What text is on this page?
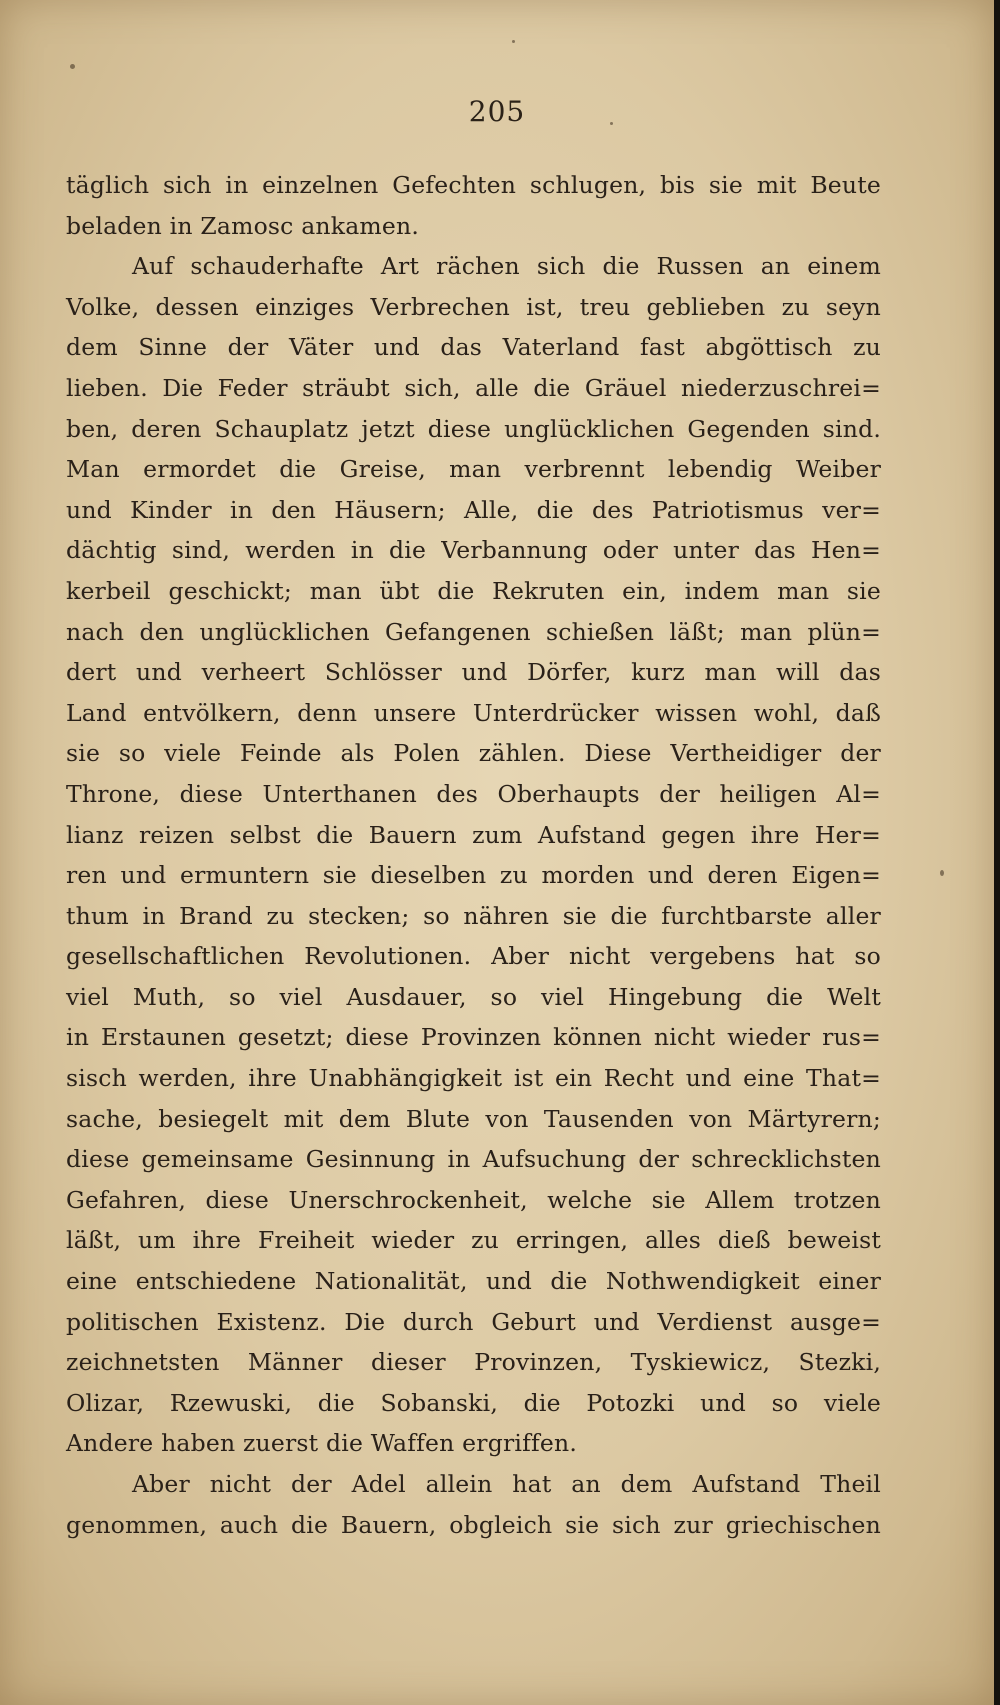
205
täglich sich in einzelnen Gefechten schlugen, bis sie mit Beute
beladen in Zamosc ankamen.
Auf schauderhafte Art rächen sich die Russen an einem
Volke, dessen einziges Verbrechen ist, treu geblieben zu seyn
dem Sinne der Väter und das Vaterland fast abgöttisch zu
lieben. Die Feder sträubt sich, alle die Gräuel niederzuschrei=
ben, deren Schauplatz jetzt diese unglücklichen Gegenden sind.
Man ermordet die Greise, man verbrennt lebendig Weiber
und Kinder in den Häusern; Alle, die des Patriotismus ver=
dächtig sind, werden in die Verbannung oder unter das Hen=
kerbeil geschickt; man übt die Rekruten ein, indem man sie
nach den unglücklichen Gefangenen schießen läßt; man plün=
dert und verheert Schlösser und Dörfer, kurz man will das
Land entvölkern, denn unsere Unterdrücker wissen wohl, daß
sie so viele Feinde als Polen zählen. Diese Vertheidiger der
Throne, diese Unterthanen des Oberhaupts der heiligen Al=
lianz reizen selbst die Bauern zum Aufstand gegen ihre Her=
ren und ermuntern sie dieselben zu morden und deren Eigen=
thum in Brand zu stecken; so nähren sie die furchtbarste aller
gesellschaftlichen Revolutionen. Aber nicht vergebens hat so
viel Muth, so viel Ausdauer, so viel Hingebung die Welt
in Erstaunen gesetzt; diese Provinzen können nicht wieder rus=
sisch werden, ihre Unabhängigkeit ist ein Recht und eine That=
sache, besiegelt mit dem Blute von Tausenden von Märtyrern;
diese gemeinsame Gesinnung in Aufsuchung der schrecklichsten
Gefahren, diese Unerschrockenheit, welche sie Allem trotzen
läßt, um ihre Freiheit wieder zu erringen, alles dieß beweist
eine entschiedene Nationalität, und die Nothwendigkeit einer
politischen Existenz. Die durch Geburt und Verdienst ausge=
zeichnetsten Männer dieser Provinzen, Tyskiewicz, Stezki,
Olizar, Rzewuski, die Sobanski, die Potozki und so viele
Andere haben zuerst die Waffen ergriffen.
Aber nicht der Adel allein hat an dem Aufstand Theil
genommen, auch die Bauern, obgleich sie sich zur griechischen
